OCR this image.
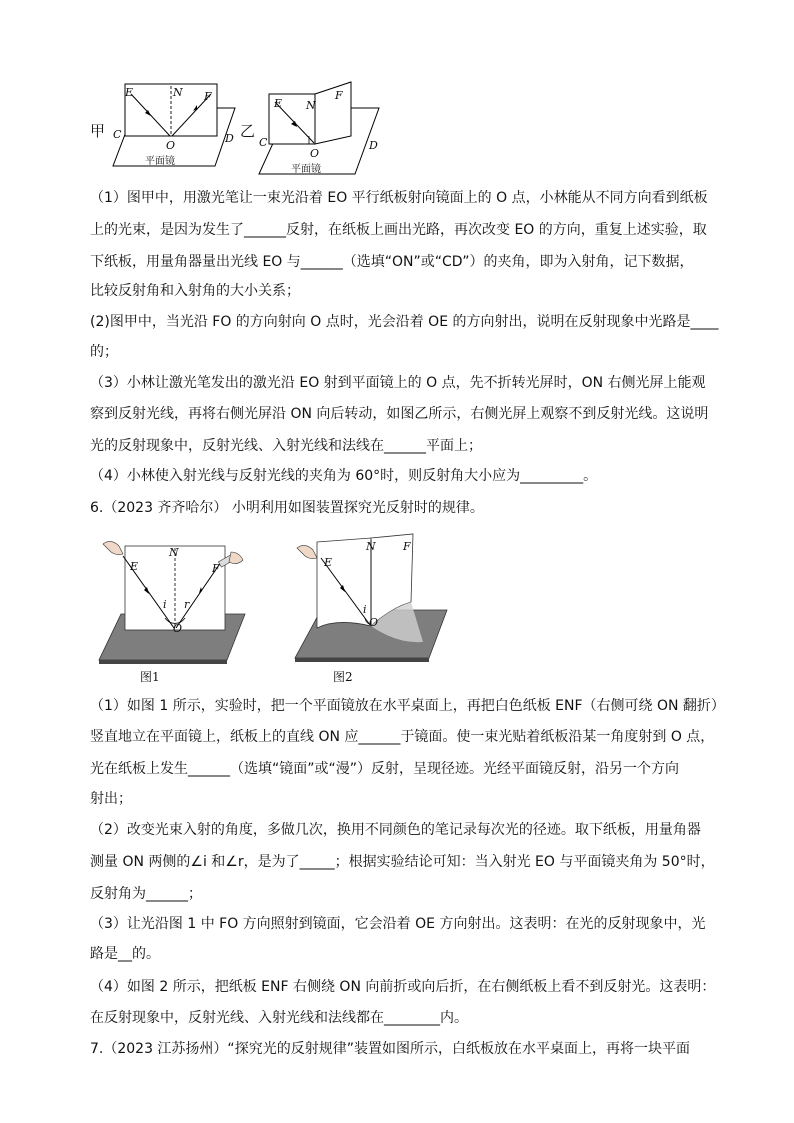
甲
E	N F
O
C	D
平面镜
乙
E N
F
O
C	D
平面镜
（1）图甲中，用激光笔让一束光沿着 EO 平行纸板射向镜面上的 O 点，小林能从不同方向看到纸板
上的光束，是因为发生了______反射，在纸板上画出光路，再次改变 EO 的方向，重复上述实验，取
下纸板，用量角器量出光线 EO 与______（选填“ON”或“CD”）的夹角，即为入射角，记下数据，
比较反射角和入射角的大小关系；
(2)图甲中，当光沿 FO 的方向射向 O 点时，光会沿着 OE 的方向射出，说明在反射现象中光路是____
的；
（3）小林让激光笔发出的激光沿 EO 射到平面镜上的 O 点，先不折转光屏时，ON 右侧光屏上能观
察到反射光线，再将右侧光屏沿 ON 向后转动，如图乙所示，右侧光屏上观察不到反射光线。这说明
光的反射现象中，反射光线、入射光线和法线在______平面上；
（4）小林使入射光线与反射光线的夹角为 60°时，则反射角大小应为_________。
6.（2023 齐齐哈尔） 小明利用如图装置探究光反射时的规律。
N
E	F
i r
O
N
E
F
i
O
图1	图2
（1）如图 1 所示，实验时，把一个平面镜放在水平桌面上，再把白色纸板 ENF（右侧可绕 ON 翻折）
竖直地立在平面镜上，纸板上的直线 ON 应______于镜面。使一束光贴着纸板沿某一角度射到 O 点，
光在纸板上发生______（选填“镜面”或“漫”）反射，呈现径迹。光经平面镜反射，沿另一个方向
射出；
（2）改变光束入射的角度，多做几次，换用不同颜色的笔记录每次光的径迹。取下纸板，用量角器
测量 ON 两侧的∠i 和∠r，是为了_____；根据实验结论可知：当入射光 EO 与平面镜夹角为 50°时，
反射角为______；
（3）让光沿图 1 中 FO 方向照射到镜面，它会沿着 OE 方向射出。这表明：在光的反射现象中，光
路是__的。
（4）如图 2 所示，把纸板 ENF 右侧绕 ON 向前折或向后折，在右侧纸板上看不到反射光。这表明：
在反射现象中，反射光线、入射光线和法线都在________内。
7.（2023 江苏扬州）“探究光的反射规律”装置如图所示，白纸板放在水平桌面上，再将一块平面
